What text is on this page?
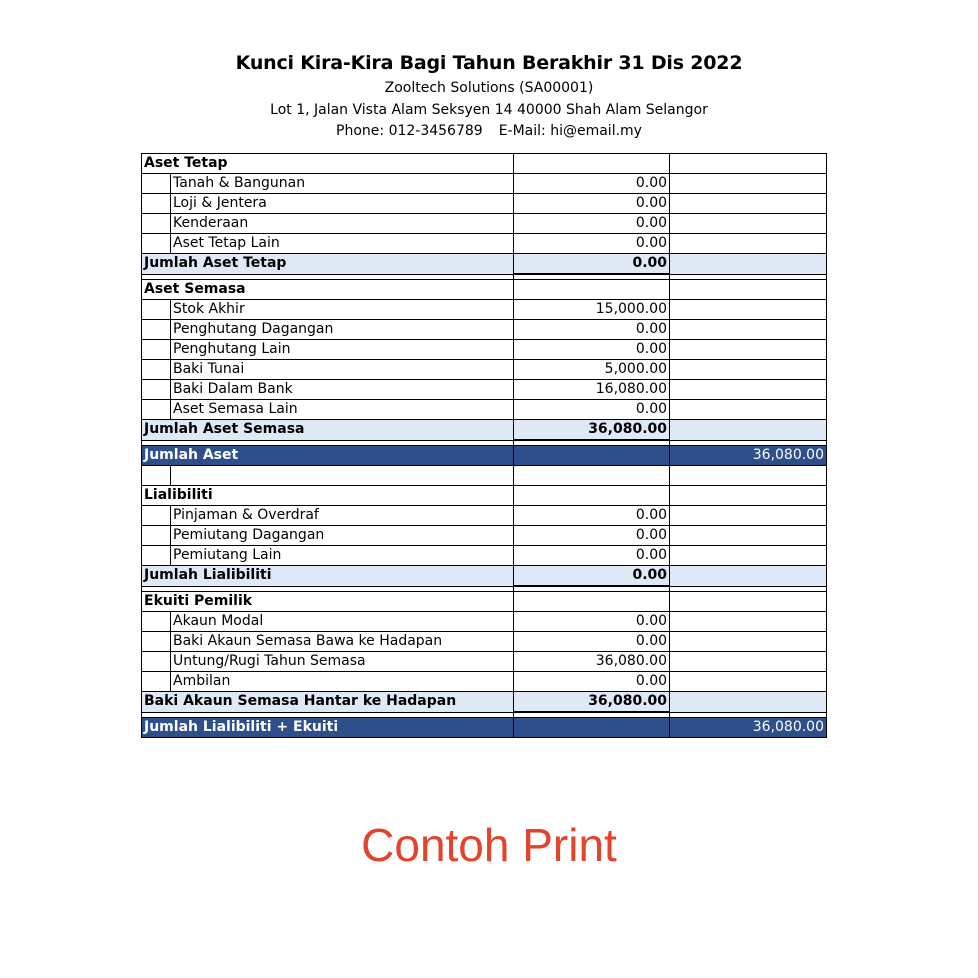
Kunci Kira-Kira Bagi Tahun Berakhir 31 Dis 2022
Zooltech Solutions (SA00001)
Lot 1, Jalan Vista Alam Seksyen 14 40000 Shah Alam Selangor
Phone: 012-3456789 E-Mail: hi@email.my
Aset Tetap			
	Tanah & Bangunan	0.00	
	Loji & Jentera	0.00	
	Kenderaan	0.00	
	Aset Tetap Lain	0.00	
Jumlah Aset Tetap		0.00	

Aset Semasa			
	Stok Akhir	15,000.00	
	Penghutang Dagangan	0.00	
	Penghutang Lain	0.00	
	Baki Tunai	5,000.00	
	Baki Dalam Bank	16,080.00	
	Aset Semasa Lain	0.00	
Jumlah Aset Semasa		36,080.00	

Jumlah Aset			36,080.00

Lialibiliti			
	Pinjaman & Overdraf	0.00	
	Pemiutang Dagangan	0.00	
	Pemiutang Lain	0.00	
Jumlah Lialibiliti		0.00	

Ekuiti Pemilik			
	Akaun Modal	0.00	
	Baki Akaun Semasa Bawa ke Hadapan	0.00	
	Untung/Rugi Tahun Semasa	36,080.00	
	Ambilan	0.00	
Baki Akaun Semasa Hantar ke Hadapan		36,080.00	

Jumlah Lialibiliti + Ekuiti			36,080.00
Contoh Print
